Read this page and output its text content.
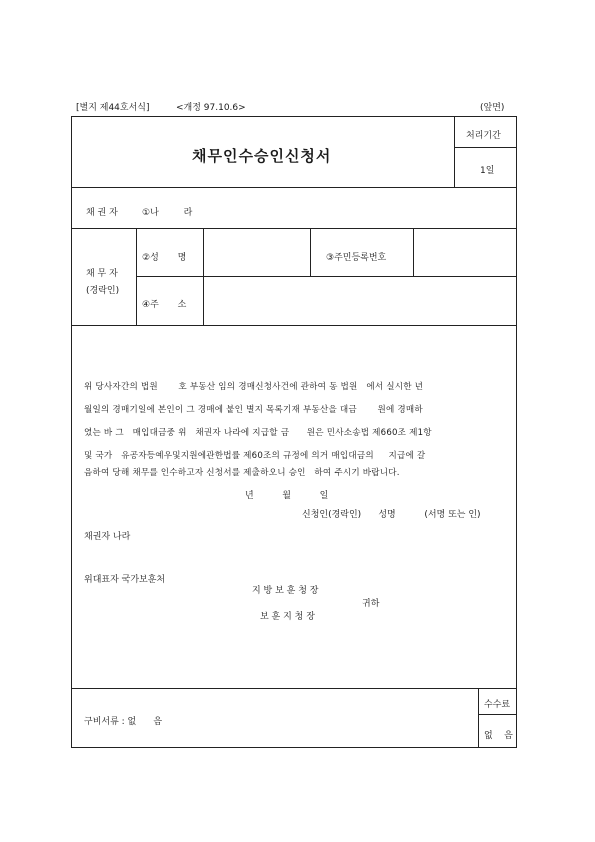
[별지 제44호서식]	<개정 97.10.6>	(앞면)
채무인수승인신청서
처리기간
1일
채 권 자	①나 라
채 무 자
(경락인)
②성 명	③주민등록번호
④주 소
위 당사자간의 법원       호 부동산 임의 경매신청사건에 관하여 동 법원   에서 실시한 년
월일의 경매기일에 본인이 그 경매에 붙인 별지 목록기재 부동산을 대금       원에 경매하
였는 바 그   매입대금중 위   채권자 나라에 지급할 금      원은 민사소송법 제660조 제1항
및 국가   유공자등예우및지원에관한법률 제60조의 규정에 의거 매입대금의     지급에 갈
음하여 당해 채무를 인수하고자 신청서를 제출하오니 승인   하여 주시기 바랍니다.
년          월          일
신청인(경락인)      성명          (서명 또는 인)
채권자 나라
위대표자 국가보훈처
지 방 보 훈 청 장
귀하
보 훈 지 청 장
구비서류 : 없      음
수수료
없    음
